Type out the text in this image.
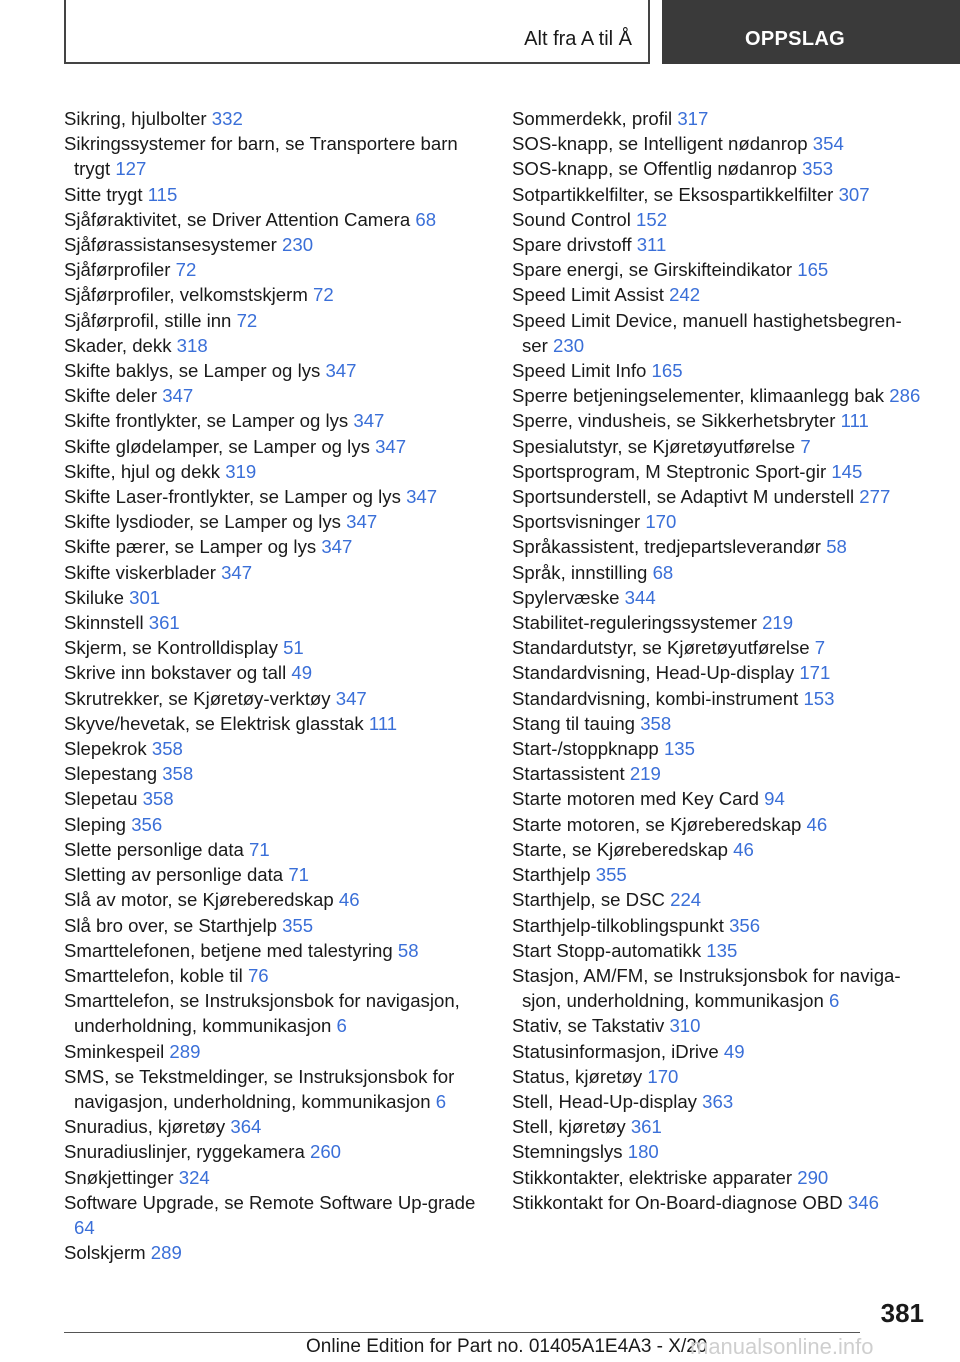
Alt fra A til Å	OPPSLAG
Sikring, hjulbolter 332
Sikringssystemer for barn, se Transportere barn trygt 127
Sitte trygt 115
Sjåføraktivitet, se Driver Attention Camera 68
Sjåførassistansesystemer 230
Sjåførprofiler 72
Sjåførprofiler, velkomstskjerm 72
Sjåførprofil, stille inn 72
Skader, dekk 318
Skifte baklys, se Lamper og lys 347
Skifte deler 347
Skifte frontlykter, se Lamper og lys 347
Skifte glødelamper, se Lamper og lys 347
Skifte, hjul og dekk 319
Skifte Laser-frontlykter, se Lamper og lys 347
Skifte lysdioder, se Lamper og lys 347
Skifte pærer, se Lamper og lys 347
Skifte viskerblader 347
Skiluke 301
Skinnstell 361
Skjerm, se Kontrolldisplay 51
Skrive inn bokstaver og tall 49
Skrutrekker, se Kjøretøy-verktøy 347
Skyve/hevetak, se Elektrisk glasstak 111
Slepekrok 358
Slepestang 358
Slepetau 358
Sleping 356
Slette personlige data 71
Sletting av personlige data 71
Slå av motor, se Kjøreberedskap 46
Slå bro over, se Starthjelp 355
Smarttelefonen, betjene med talestyring 58
Smarttelefon, koble til 76
Smarttelefon, se Instruksjonsbok for navigasjon, underholdning, kommunikasjon 6
Sminkespeil 289
SMS, se Tekstmeldinger, se Instruksjonsbok for navigasjon, underholdning, kommunikasjon 6
Snuradius, kjøretøy 364
Snuradiuslinjer, ryggekamera 260
Snøkjettinger 324
Software Upgrade, se Remote Software Up-grade 64
Solskjerm 289
Sommerdekk, profil 317
SOS-knapp, se Intelligent nødanrop 354
SOS-knapp, se Offentlig nødanrop 353
Sotpartikkelfilter, se Eksospartikkelfilter 307
Sound Control 152
Spare drivstoff 311
Spare energi, se Girskifteindikator 165
Speed Limit Assist 242
Speed Limit Device, manuell hastighetsbegren-ser 230
Speed Limit Info 165
Sperre betjeningselementer, klimaanlegg bak 286
Sperre, vindusheis, se Sikkerhetsbryter 111
Spesialutstyr, se Kjøretøyutførelse 7
Sportsprogram, M Steptronic Sport-gir 145
Sportsunderstell, se Adaptivt M understell 277
Sportsvisninger 170
Språkassistent, tredjepartsleverandør 58
Språk, innstilling 68
Spylervæske 344
Stabilitet-reguleringssystemer 219
Standardutstyr, se Kjøretøyutførelse 7
Standardvisning, Head-Up-display 171
Standardvisning, kombi-instrument 153
Stang til tauing 358
Start-/stoppknapp 135
Startassistent 219
Starte motoren med Key Card 94
Starte motoren, se Kjøreberedskap 46
Starte, se Kjøreberedskap 46
Starthjelp 355
Starthjelp, se DSC 224
Starthjelp-tilkoblingspunkt 356
Start Stopp-automatikk 135
Stasjon, AM/FM, se Instruksjonsbok for naviga-sjon, underholdning, kommunikasjon 6
Stativ, se Takstativ 310
Statusinformasjon, iDrive 49
Status, kjøretøy 170
Stell, Head-Up-display 363
Stell, kjøretøy 361
Stemningslys 180
Stikkontakter, elektriske apparater 290
Stikkontakt for On-Board-diagnose OBD 346
381
Online Edition for Part no. 01405A1E4A3 - X/20
manualsonline.info
